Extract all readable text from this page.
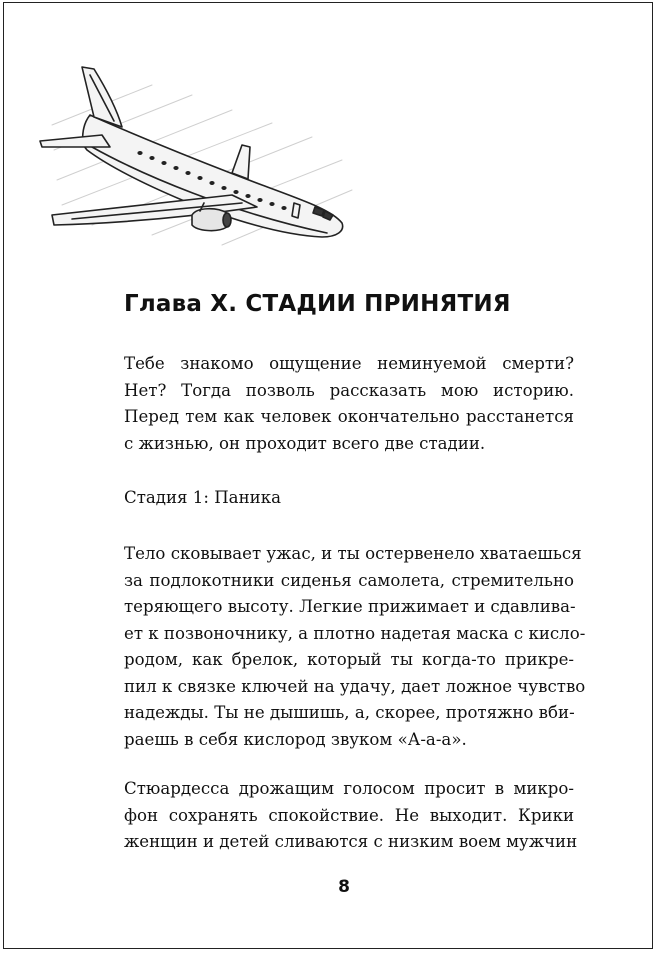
Глава Х. СТАДИИ ПРИНЯТИЯ

Тебе знакомо ощущение неминуемой смерти?
Нет? Тогда позволь рассказать мою историю.
Перед тем как человек окончательно расстанется
с жизнью, он проходит всего две стадии.

Стадия 1: Паника

Тело сковывает ужас, и ты остервенело хватаешься
за подлокотники сиденья самолета, стремительно
теряющего высоту. Легкие прижимает и сдавлива-
ет к позвоночнику, а плотно надетая маска с кисло-
родом, как брелок, который ты когда-то прикре-
пил к связке ключей на удачу, дает ложное чувство
надежды. Ты не дышишь, а, скорее, протяжно вби-
раешь в себя кислород звуком «А-а-а».

Стюардесса дрожащим голосом просит в микро-
фон сохранять спокойствие. Не выходит. Крики
женщин и детей сливаются с низким воем мужчин

8
